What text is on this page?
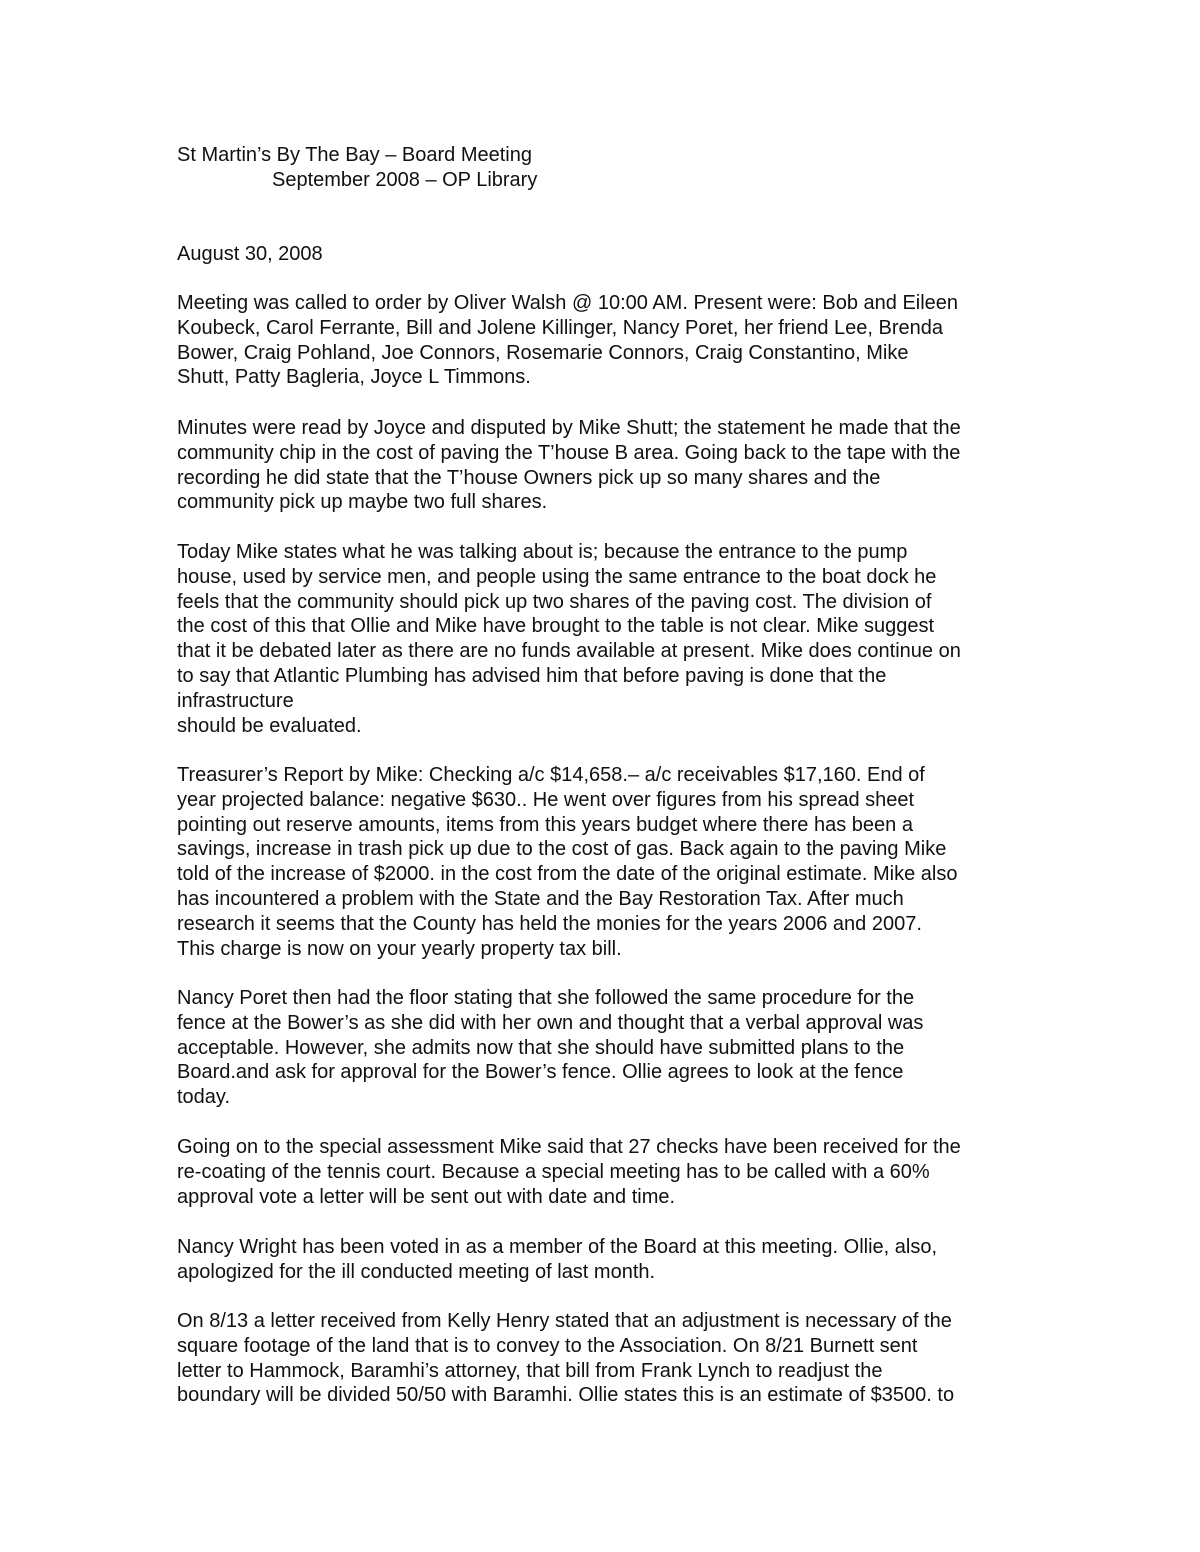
St Martin’s By The Bay – Board Meeting
September 2008 – OP Library
August 30, 2008
Meeting was called to order by Oliver Walsh @ 10:00 AM. Present were: Bob and Eileen
Koubeck, Carol Ferrante, Bill and Jolene Killinger, Nancy Poret, her friend Lee, Brenda
Bower, Craig Pohland, Joe Connors, Rosemarie Connors, Craig Constantino, Mike
Shutt, Patty Bagleria, Joyce L Timmons.
Minutes were read by Joyce and disputed by Mike Shutt; the statement he made that the
community chip in the cost of paving the T’house B area. Going back to the tape with the
recording he did state that the T’house Owners pick up so many shares and the
community pick up maybe two full shares.
Today Mike states what he was talking about is; because the entrance to the pump
house, used by service men, and people using the same entrance to the boat dock he
feels that the community should pick up two shares of the paving cost. The division of
the cost of this that Ollie and Mike have brought to the table is not clear. Mike suggest
that it be debated later as there are no funds available at present. Mike does continue on
to say that Atlantic Plumbing has advised him that before paving is done that the
infrastructure
should be evaluated.
Treasurer’s Report by Mike: Checking a/c $14,658.– a/c receivables $17,160. End of
year projected balance: negative $630.. He went over figures from his spread sheet
pointing out reserve amounts, items from this years budget where there has been a
savings, increase in trash pick up due to the cost of gas. Back again to the paving Mike
told of the increase of $2000. in the cost from the date of the original estimate. Mike also
has incountered a problem with the State and the Bay Restoration Tax. After much
research it seems that the County has held the monies for the years 2006 and 2007.
This charge is now on your yearly property tax bill.
Nancy Poret then had the floor stating that she followed the same procedure for the
fence at the Bower’s as she did with her own and thought that a verbal approval was
acceptable. However, she admits now that she should have submitted plans to the
Board.and ask for approval for the Bower’s fence. Ollie agrees to look at the fence
today.
Going on to the special assessment Mike said that 27 checks have been received for the
re-coating of the tennis court. Because a special meeting has to be called with a 60%
approval vote a letter will be sent out with date and time.
Nancy Wright has been voted in as a member of the Board at this meeting. Ollie, also,
apologized for the ill conducted meeting of last month.
On 8/13 a letter received from Kelly Henry stated that an adjustment is necessary of the
square footage of the land that is to convey to the Association. On 8/21 Burnett sent
letter to Hammock, Baramhi’s attorney, that bill from Frank Lynch to readjust the
boundary will be divided 50/50 with Baramhi. Ollie states this is an estimate of $3500. to
